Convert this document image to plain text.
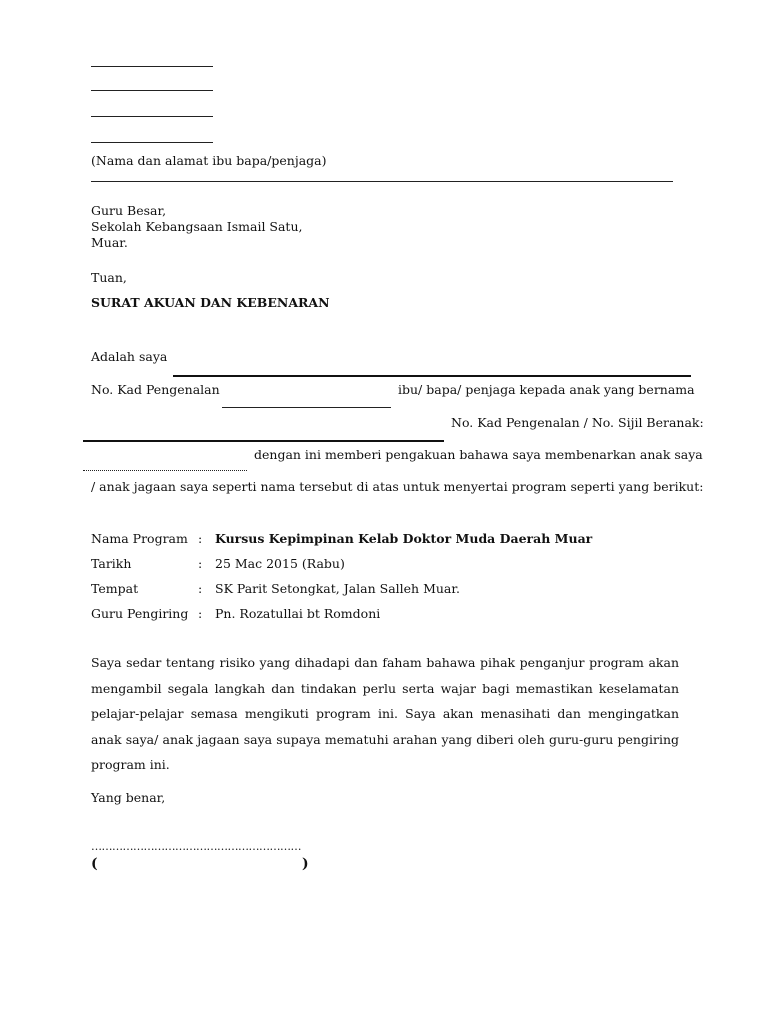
(Nama dan alamat ibu bapa/penjaga)
Guru Besar,
Sekolah Kebangsaan Ismail Satu,
Muar.
Tuan,
SURAT AKUAN DAN KEBENARAN
Adalah saya
No. Kad Pengenalan	ibu/ bapa/ penjaga kepada anak yang bernama
No. Kad Pengenalan / No. Sijil Beranak:
dengan ini memberi pengakuan bahawa saya membenarkan anak saya
/ anak jagaan saya seperti nama tersebut di atas untuk menyertai program seperti yang berikut:
Nama Program : Kursus Kepimpinan Kelab Doktor Muda Daerah Muar
Tarikh	: 25 Mac 2015 (Rabu)
Tempat	: SK Parit Setongkat, Jalan Salleh Muar.
Guru Pengiring : Pn. Rozatullai bt Romdoni
Saya sedar tentang risiko yang dihadapi dan faham bahawa pihak penganjur program akan mengambil segala langkah dan tindakan perlu serta wajar bagi memastikan keselamatan pelajar-pelajar semasa mengikuti program ini. Saya akan menasihati dan mengingatkan anak saya/ anak jagaan saya supaya mematuhi arahan yang diberi oleh guru-guru pengiring program ini.
Yang benar,
……………………………………………………
(	)
